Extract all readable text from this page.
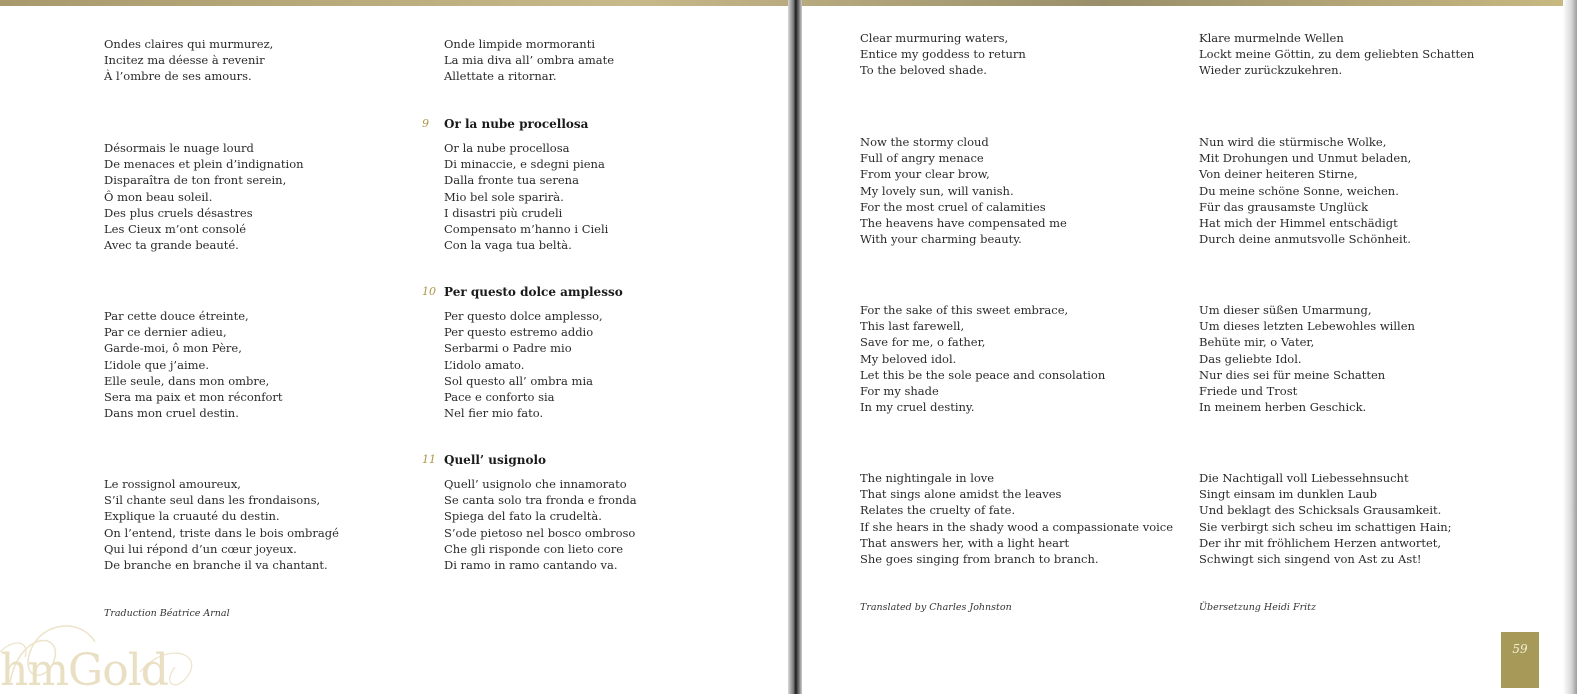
Ondes claires qui murmurez,
Incitez ma déesse à revenir
À l’ombre de ses amours.
Désormais le nuage lourd
De menaces et plein d’indignation
Disparaîtra de ton front serein,
Ô mon beau soleil.
Des plus cruels désastres
Les Cieux m’ont consolé
Avec ta grande beauté.
Par cette douce étreinte,
Par ce dernier adieu,
Garde-moi, ô mon Père,
L’idole que j’aime.
Elle seule, dans mon ombre,
Sera ma paix et mon réconfort
Dans mon cruel destin.
Le rossignol amoureux,
S’il chante seul dans les frondaisons,
Explique la cruauté du destin.
On l’entend, triste dans le bois ombragé
Qui lui répond d’un cœur joyeux.
De branche en branche il va chantant.
Traduction Béatrice Arnal
Onde limpide mormoranti
La mia diva all’ ombra amate
Allettate a ritornar.
9	Or la nube procellosa
Or la nube procellosa
Di minaccie, e sdegni piena
Dalla fronte tua serena
Mio bel sole sparirà.
I disastri più crudeli
Compensato m’hanno i Cieli
Con la vaga tua beltà.
10 Per questo dolce amplesso
Per questo dolce amplesso,
Per questo estremo addio
Serbarmi o Padre mio
L’idolo amato.
Sol questo all’ ombra mia
Pace e conforto sia
Nel fier mio fato.
11 Quell’ usignolo
Quell’ usignolo che innamorato
Se canta solo tra fronda e fronda
Spiega del fato la crudeltà.
S’ode pietoso nel bosco ombroso
Che gli risponde con lieto core
Di ramo in ramo cantando va.
hmGold
Clear murmuring waters,
Entice my goddess to return
To the beloved shade.
Now the stormy cloud
Full of angry menace
From your clear brow,
My lovely sun, will vanish.
For the most cruel of calamities
The heavens have compensated me
With your charming beauty.
For the sake of this sweet embrace,
This last farewell,
Save for me, o father,
My beloved idol.
Let this be the sole peace and consolation
For my shade
In my cruel destiny.
The nightingale in love
That sings alone amidst the leaves
Relates the cruelty of fate.
If she hears in the shady wood a compassionate voice
That answers her, with a light heart
She goes singing from branch to branch.
Translated by Charles Johnston
Klare murmelnde Wellen
Lockt meine Göttin, zu dem geliebten Schatten
Wieder zurückzukehren.
Nun wird die stürmische Wolke,
Mit Drohungen und Unmut beladen,
Von deiner heiteren Stirne,
Du meine schöne Sonne, weichen.
Für das grausamste Unglück
Hat mich der Himmel entschädigt
Durch deine anmutsvolle Schönheit.
Um dieser süßen Umarmung,
Um dieses letzten Lebewohles willen
Behüte mir, o Vater,
Das geliebte Idol.
Nur dies sei für meine Schatten
Friede und Trost
In meinem herben Geschick.
Die Nachtigall voll Liebessehnsucht
Singt einsam im dunklen Laub
Und beklagt des Schicksals Grausamkeit.
Sie verbirgt sich scheu im schattigen Hain;
Der ihr mit fröhlichem Herzen antwortet,
Schwingt sich singend von Ast zu Ast!
Übersetzung Heidi Fritz
59
